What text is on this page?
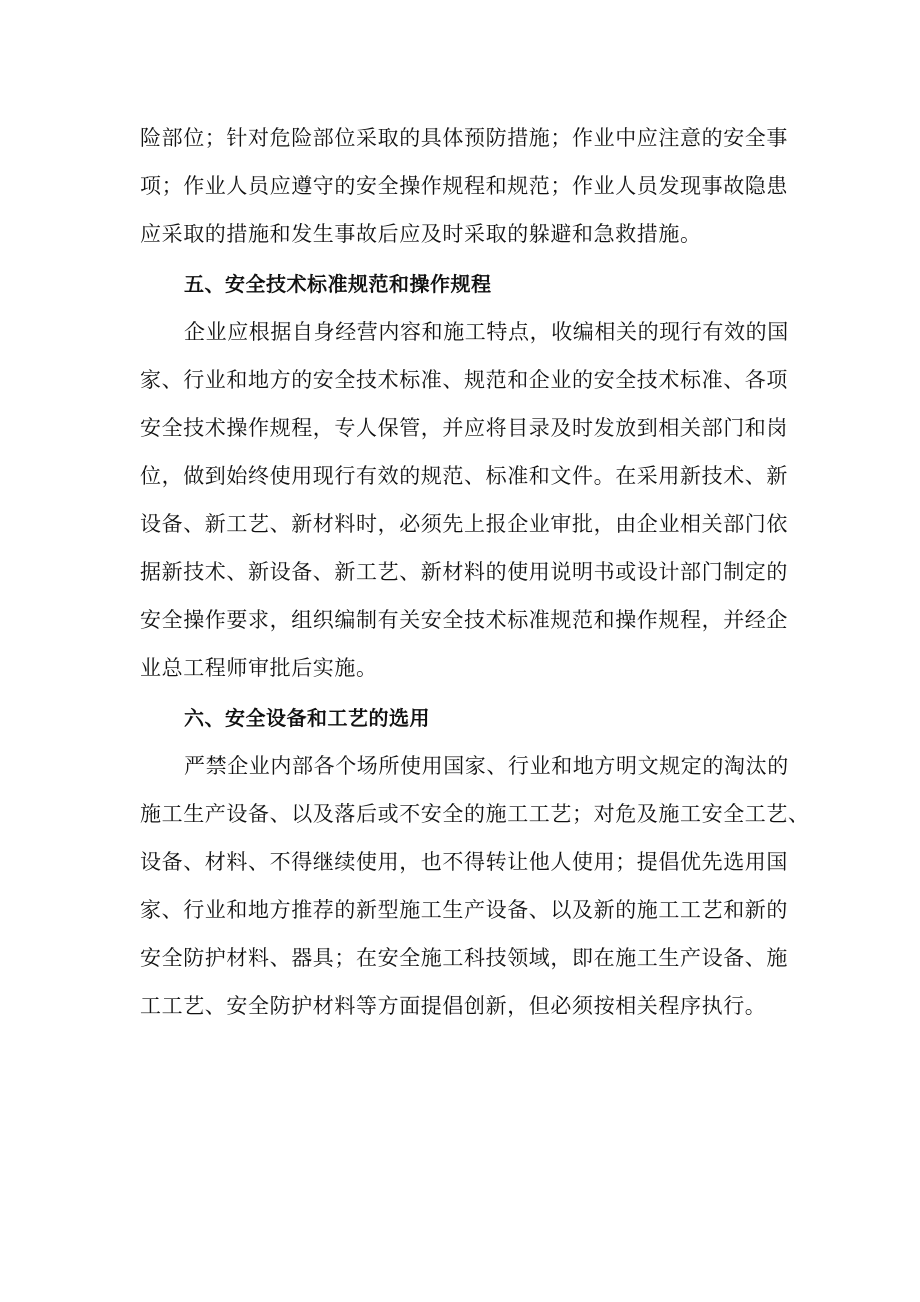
险部位；针对危险部位采取的具体预防措施；作业中应注意的安全事

项；作业人员应遵守的安全操作规程和规范；作业人员发现事故隐患

应采取的措施和发生事故后应及时采取的躲避和急救措施。

五、安全技术标准规范和操作规程

企业应根据自身经营内容和施工特点，收编相关的现行有效的国

家、行业和地方的安全技术标准、规范和企业的安全技术标准、各项

安全技术操作规程，专人保管，并应将目录及时发放到相关部门和岗

位，做到始终使用现行有效的规范、标准和文件。在采用新技术、新

设备、新工艺、新材料时，必须先上报企业审批，由企业相关部门依

据新技术、新设备、新工艺、新材料的使用说明书或设计部门制定的

安全操作要求，组织编制有关安全技术标准规范和操作规程，并经企

业总工程师审批后实施。

六、安全设备和工艺的选用

严禁企业内部各个场所使用国家、行业和地方明文规定的淘汰的

施工生产设备、以及落后或不安全的施工工艺；对危及施工安全工艺、

设备、材料、不得继续使用，也不得转让他人使用；提倡优先选用国

家、行业和地方推荐的新型施工生产设备、以及新的施工工艺和新的

安全防护材料、器具；在安全施工科技领域，即在施工生产设备、施

工工艺、安全防护材料等方面提倡创新，但必须按相关程序执行。
